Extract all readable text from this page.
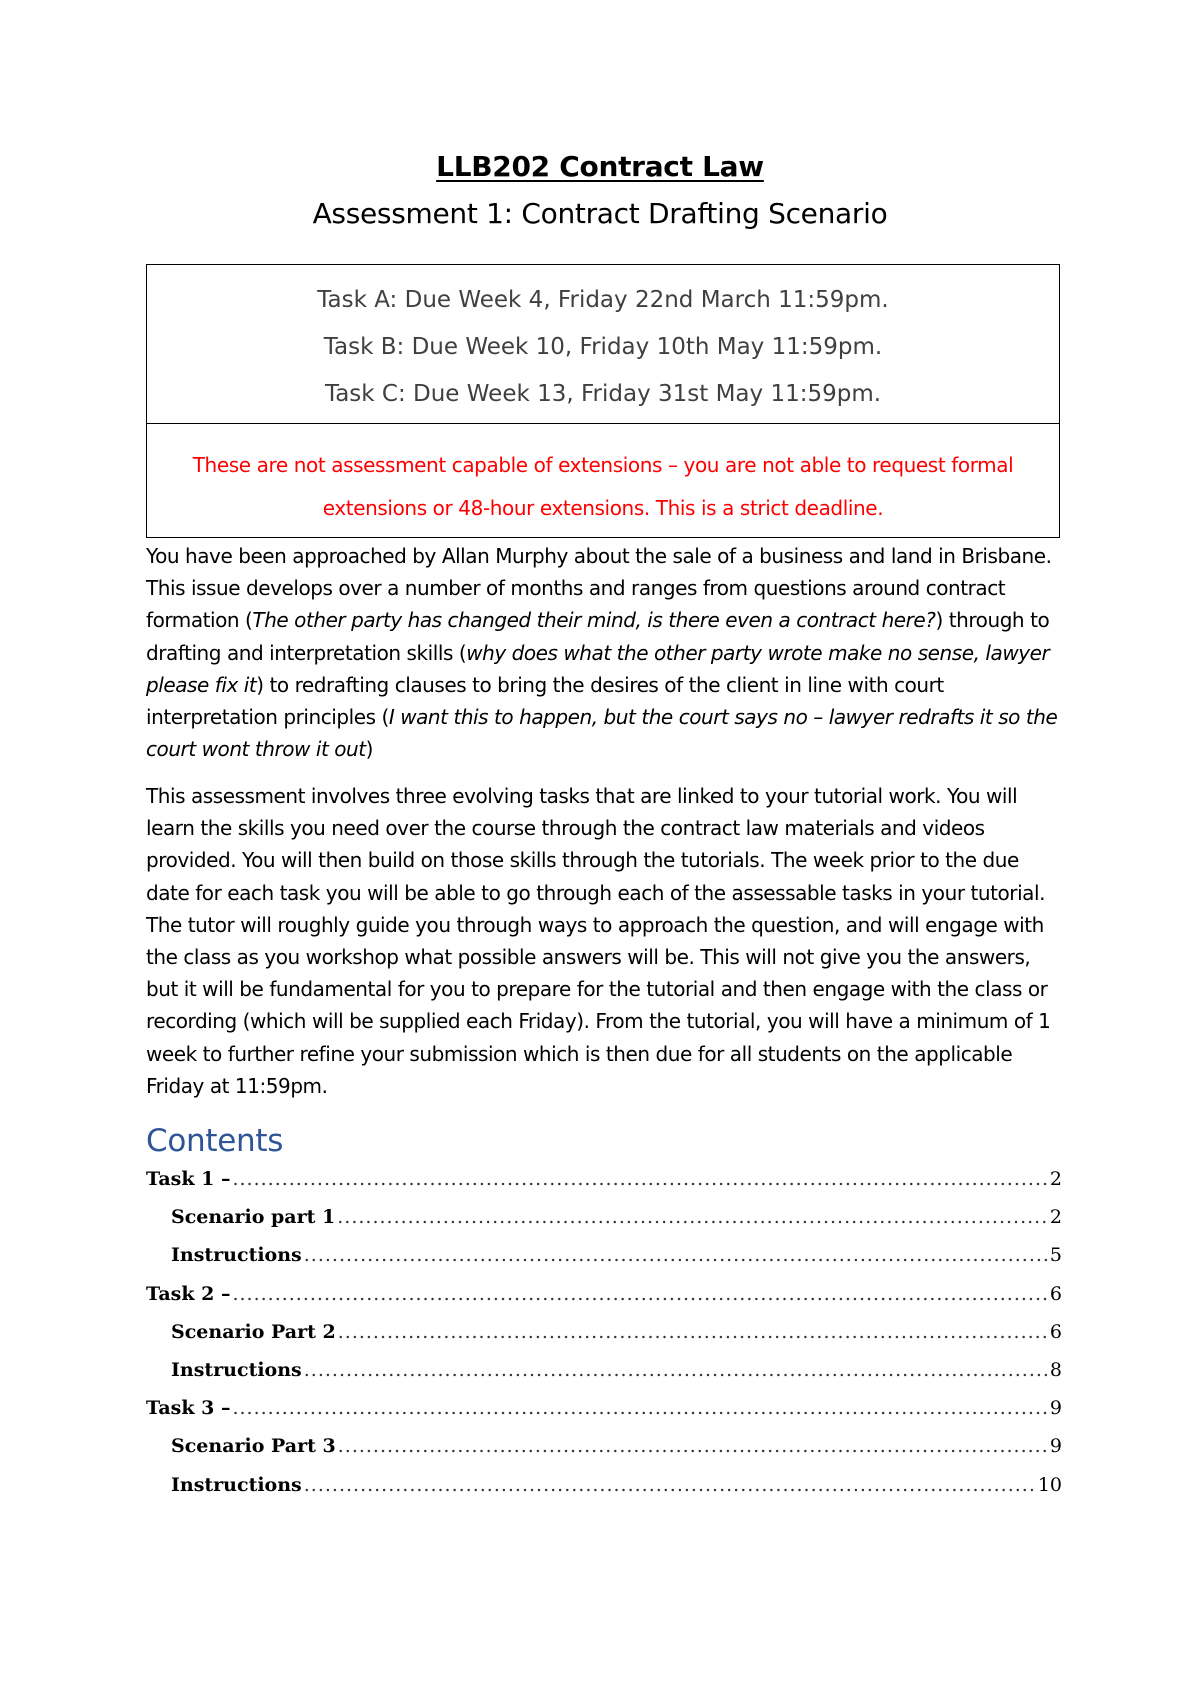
LLB202 Contract Law
Assessment 1: Contract Drafting Scenario
Task A: Due Week 4, Friday 22nd March 11:59pm.
Task B: Due Week 10, Friday 10th May 11:59pm.
Task C: Due Week 13, Friday 31st May 11:59pm.
These are not assessment capable of extensions – you are not able to request formal
extensions or 48-hour extensions. This is a strict deadline.
You have been approached by Allan Murphy about the sale of a business and land in Brisbane. This issue develops over a number of months and ranges from questions around contract formation (The other party has changed their mind, is there even a contract here?) through to drafting and interpretation skills (why does what the other party wrote make no sense, lawyer please fix it) to redrafting clauses to bring the desires of the client in line with court interpretation principles (I want this to happen, but the court says no – lawyer redrafts it so the court wont throw it out)
This assessment involves three evolving tasks that are linked to your tutorial work. You will learn the skills you need over the course through the contract law materials and videos provided. You will then build on those skills through the tutorials. The week prior to the due date for each task you will be able to go through each of the assessable tasks in your tutorial. The tutor will roughly guide you through ways to approach the question, and will engage with the class as you workshop what possible answers will be. This will not give you the answers, but it will be fundamental for you to prepare for the tutorial and then engage with the class or recording (which will be supplied each Friday). From the tutorial, you will have a minimum of 1 week to further refine your submission which is then due for all students on the applicable Friday at 11:59pm.
Contents
Task 1 – .....	2
Scenario part 1 .....	2
Instructions .....	5
Task 2 – .....	6
Scenario Part 2 .....	6
Instructions .....	8
Task 3 – .....	9
Scenario Part 3 .....	9
Instructions .....	10
